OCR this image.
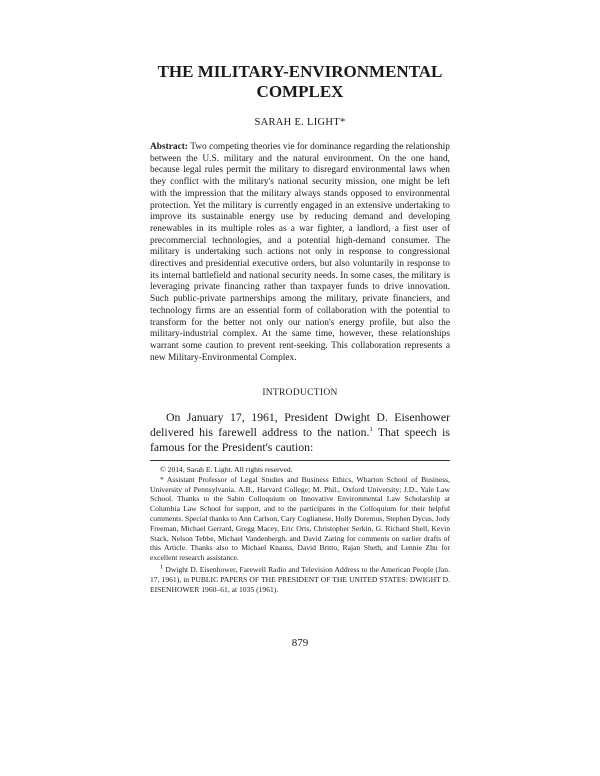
THE MILITARY-ENVIRONMENTAL
COMPLEX
SARAH E. LIGHT*

Abstract: Two competing theories vie for dominance regarding the relationship between the U.S. military and the natural environment. On the one hand, because legal rules permit the military to disregard environmental laws when they conflict with the military's national security mission, one might be left with the impression that the military always stands opposed to environmental protection. Yet the military is currently engaged in an extensive undertaking to improve its sustainable energy use by reducing demand and developing renewables in its multiple roles as a war fighter, a landlord, a first user of precommercial technologies, and a potential high-demand consumer. The military is undertaking such actions not only in response to congressional directives and presidential executive orders, but also voluntarily in response to its internal battlefield and national security needs. In some cases, the military is leveraging private financing rather than taxpayer funds to drive innovation. Such public-private partnerships among the military, private financiers, and technology firms are an essential form of collaboration with the potential to transform for the better not only our nation's energy profile, but also the military-industrial complex. At the same time, however, these relationships warrant some caution to prevent rent-seeking. This collaboration represents a new Military-Environmental Complex.

INTRODUCTION

On January 17, 1961, President Dwight D. Eisenhower delivered his farewell address to the nation.$^1$ That speech is famous for the President's caution:

© 2014, Sarah E. Light. All rights reserved.

* Assistant Professor of Legal Studies and Business Ethics, Wharton School of Business, University of Pennsylvania. A.B., Harvard College; M. Phil., Oxford University; J.D., Yale Law School. Thanks to the Sabin Colloquium on Innovative Environmental Law Scholarship at Columbia Law School for support, and to the participants in the Colloquium for their helpful comments. Special thanks to Ann Carlson, Cary Coglianese, Holly Doremus, Stephen Dycus, Jody Freeman, Michael Gerrard, Gregg Macey, Eric Orts, Christopher Serkin, G. Richard Shell, Kevin Stack, Nelson Tebbe, Michael Vandenbergh, and David Zaring for comments on earlier drafts of this Article. Thanks also to Michael Knauss, David Britto, Rajan Sheth, and Lennie Zhu for excellent research assistance.

$^1$ Dwight D. Eisenhower, Farewell Radio and Television Address to the American People (Jan. 17, 1961), in PUBLIC PAPERS OF THE PRESIDENT OF THE UNITED STATES: DWIGHT D. EISENHOWER 1960–61, at 1035 (1961).

879
